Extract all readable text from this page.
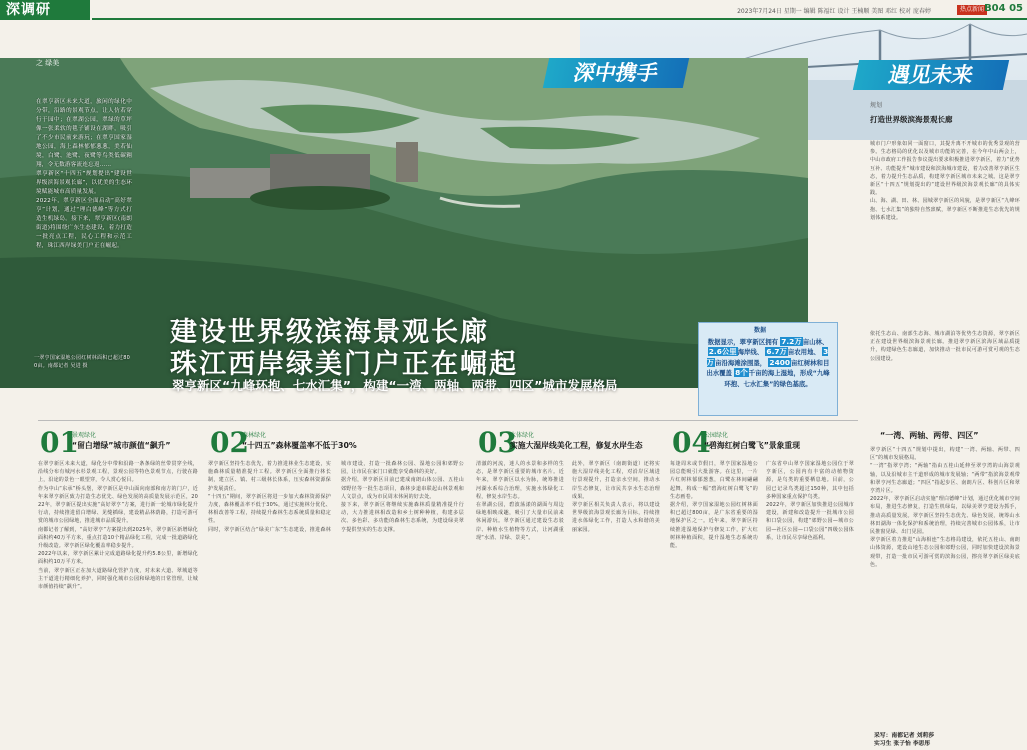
深调研	2023年7月24日 星期一 编辑 陈福红 设计 王楠顺 美图 邓红 校对 庞春婷	热点新闻 B04 05
之 绿美	深中携手	遇见未来
在翠亨新区未来大道，旅闲的绿化中分带，沿路的景观节点，让人仿若穿行于园中；在翠湖公园，翠绿的草坪像一张柔软的毯子铺设在湖畔，吸引了不少市民前来游玩；在翠亨国家湿地公园，海上森林郁郁葱葱，美若仙境，白鹭、池鹭、夜鹭等鸟类低碳翱翔，令无数游客流连忘返……
翠亨新区“十四五”规划提出“建设世界级滨海景观长廊”，以优美的生态环境赋能城市高质量发展。
2022年，翠亨新区全面启动“高好翠亨”计划，通过“理白德峰”等方式打造生机绿岛。接下来，翠亨新区(南朗街道)将围绕广东生态建设，着力打造一批亮点工程，民心工程和示范工程，珠江西岸绿美门户正在崛起。
一翠亨国家湿地公园红树林面积已超过800亩。南都记者 吴进 摄
建设世界级滨海景观长廊
珠江西岸绿美门户正在崛起
翠亨新区“九峰环抱、七水汇集”，构建“一湾、两轴、两带、四区”城市发展格局
规划
打造世界级滨海景观长廊
城市门户形象如同一面窗口，其提升离不开城市的优秀景观的营参。生态格局的优化以及城市功能的完善，在今年中山两会上，中山市政府工作报告参议提出要求积极推进翠亨新区，着力“优势互补、功能提升”城市建设和滨海城市建设，着力改善翠亨新区生态，着力提升生态品质，构建翠亨新区城市未来之城。这是翠亨新区“十四五”规划提出的“建设世界级滨海景观长廊”的具体实践。
山、海、湖、田、林、园城翠亨新区的风貌，是翠亨新区“九峰环抱、七水汇集”的独特自然禀赋，翠亨新区不断推进生态优先的规划体系建设。
数据显示，翠亨新区拥有 7.2万亩山林、 2.6公里海岸线、 6.7万亩农用地、 3万亩沿海滩涂围垦， 2400亩红树林和目出水覆盖 8个千亩的海上湿地，形成“九峰环抱、七水汇集”的绿色基底。
数据	依托生态山、南部生态海、城市湖泊等优势生态资源，翠亨新区正在建设世界级滨海景观长廊。推进翠亨新区滨海区域品质提升，构建绿色生态廊道，加快推动一批市民可游可赏可观的生态公园建设。
“一湾、两轴、两带、四区”
翠亨新区“十四五”规划中提出，构建“一湾、两轴、两带、四区”的城市发展格局。
“一湾”指翠亨湾；“两轴”指由五桂山延伸至翠亨湾的山海景观轴，以及沿城市主干道形成的城市发展轴；“两带”指滨海景观带和翠亨河生态廊道；“四区”指起步区、南朗片区、科创片区和翠亨湾片区。
2022年，翠亨新区启动实施“理白德峰”计划，通过优化城市空间布局，推进生态修复，打造生机绿岛，以绿美翠亨建设为抓手，推动高质量发展。翠亨新区坚持生态优先、绿色发展，统筹山水林田湖海一体化保护和系统治理，持续完善城市公园体系，让市民推窗见绿、出门见园。
翠亨新区着力推进“山海相连”生态格局建设，依托五桂山、南朗山体资源，建设山地生态公园和郊野公园，同时加快建设滨海景观带，打造一批市民可游可赏的滨海公园，擦亮翠亨新区绿美底色。
01
景观绿化
“留白增绿”城市颜值“飙升”
在翠亨新区未来大道，绿化分中带和沿路一条条绿的丝带贯穿全线，沿线分布有城河水杉景观工程，景观公园等特色景观节点，行驶在路上，沿途的景色一眼望穿，令人赏心悦目。
作为中山“东承”桥头堡，翠亨新区是中山面向南部和南方的门户，近年来翠亨新区致力打造生态优先、绿色发展的高质量发展示范区，2022年，翠亨新区提出实施“高好翠亨”方案，进行新一轮城市绿化提升行动，持续推进留白增绿、见缝插绿，建设精品林荫路，打造可游可赏的城市公园绿地，推进城市品质提升。
南都记者了解到，“高好翠亨”方案提出到2025年，翠亨新区新增绿化面积约40万平方米，重点打造10个精品绿化工程，完成一批道路绿化升级改造。翠亨新区绿化覆盖率稳步提升。
2022年以来，翠亨新区累计完成道路绿化提升约5.8公里，新增绿化面积约10万平方米。
当前，翠亨新区正在加大道路绿化管护力度，对未来大道、翠城道等主干道进行精细化养护，同时强化城市公园和绿地的日常管理，让城市颜值持续“飙升”。
02
森林绿化
“十四五”森林覆盖率不低于30%
翠亨新区坚持生态优先，着力推进林业生态建设，实施森林质量精准提升工程。翠亨新区全面推行林长制，建立区、镇、村三级林长体系，压实森林资源保护发展责任。
“十四五”期间，翠亨新区将进一步加大森林资源保护力度，森林覆盖率不低于30%，通过实施林分优化、林相改善等工程，持续提升森林生态系统质量和稳定性。
同时，翠亨新区结合“绿美广东”生态建设，推进森林城市建设，打造一批森林公园、湿地公园和郊野公园，让市民在家门口就能享受森林的美好。
据介绍，翠亨新区目前已建成南朗山体公园、五桂山郊野径等一批生态项目，森林步道串联起山林景观和人文景点，成为市民周末休闲的好去处。
接下来，翠亨新区将继续实施森林质量精准提升行动，大力推进林相改造和乡土树种种植，构建多层次、多色彩、多功能的森林生态系统，为建设绿美翠亨提供坚实的生态支撑。
03
水体绿化
实施大湿岸线美化工程，修复水岸生态
清澈的河流，迷人的水景和多样的生态，是翠亨新区重要的城市名片。近年来，翠亨新区以水为脉，统筹推进河湖水系综合治理，实施水体绿化工程，修复水岸生态。
在翠湖公园，碧波荡漾的湖面与周边绿地相映成趣，吸引了大量市民前来休闲游玩。翠亨新区通过建设生态驳岸、种植水生植物等方式，让河湖重现“水清、岸绿、景美”。
此外，翠亨新区（南朗街道）还将实施大湿岸线美化工程，对沿岸区域进行景观提升，打造亲水空间，推动水岸生态修复，让市民共享水生态治理成果。
翠亨新区相关负责人表示，将以建设世界级滨海景观长廊为目标，持续推进水体绿化工作，打造人水和谐的美丽家园。
04
公园绿化
“碧海红树白鹭飞”景象重现
每逢周末或节假日，翠亨国家湿地公园总能吸引大批游客。在这里，一片片红树林郁郁葱葱，白鹭在林间翩翩起舞，构成一幅“碧海红树白鹭飞”的生态画卷。
据介绍，翠亨国家湿地公园红树林面积已超过800亩，是广东省重要的湿地保护区之一。近年来，翠亨新区持续推进湿地保护与修复工作，扩大红树林种植面积，提升湿地生态系统功能。
广东省中山翠亨国家湿地公园位于翠亨新区，公园内有丰富的动植物资源，是鸟类的重要栖息地。目前，公园已记录鸟类超过150种，其中包括多种国家重点保护鸟类。
2022年，翠亨新区加快推进公园城市建设，新建和改造提升一批城市公园和口袋公园，构建“郊野公园—城市公园—社区公园—口袋公园”四级公园体系，让市民尽享绿色福利。
采写：南都记者 刘莉莎
实习生 张子怡 李思彤
